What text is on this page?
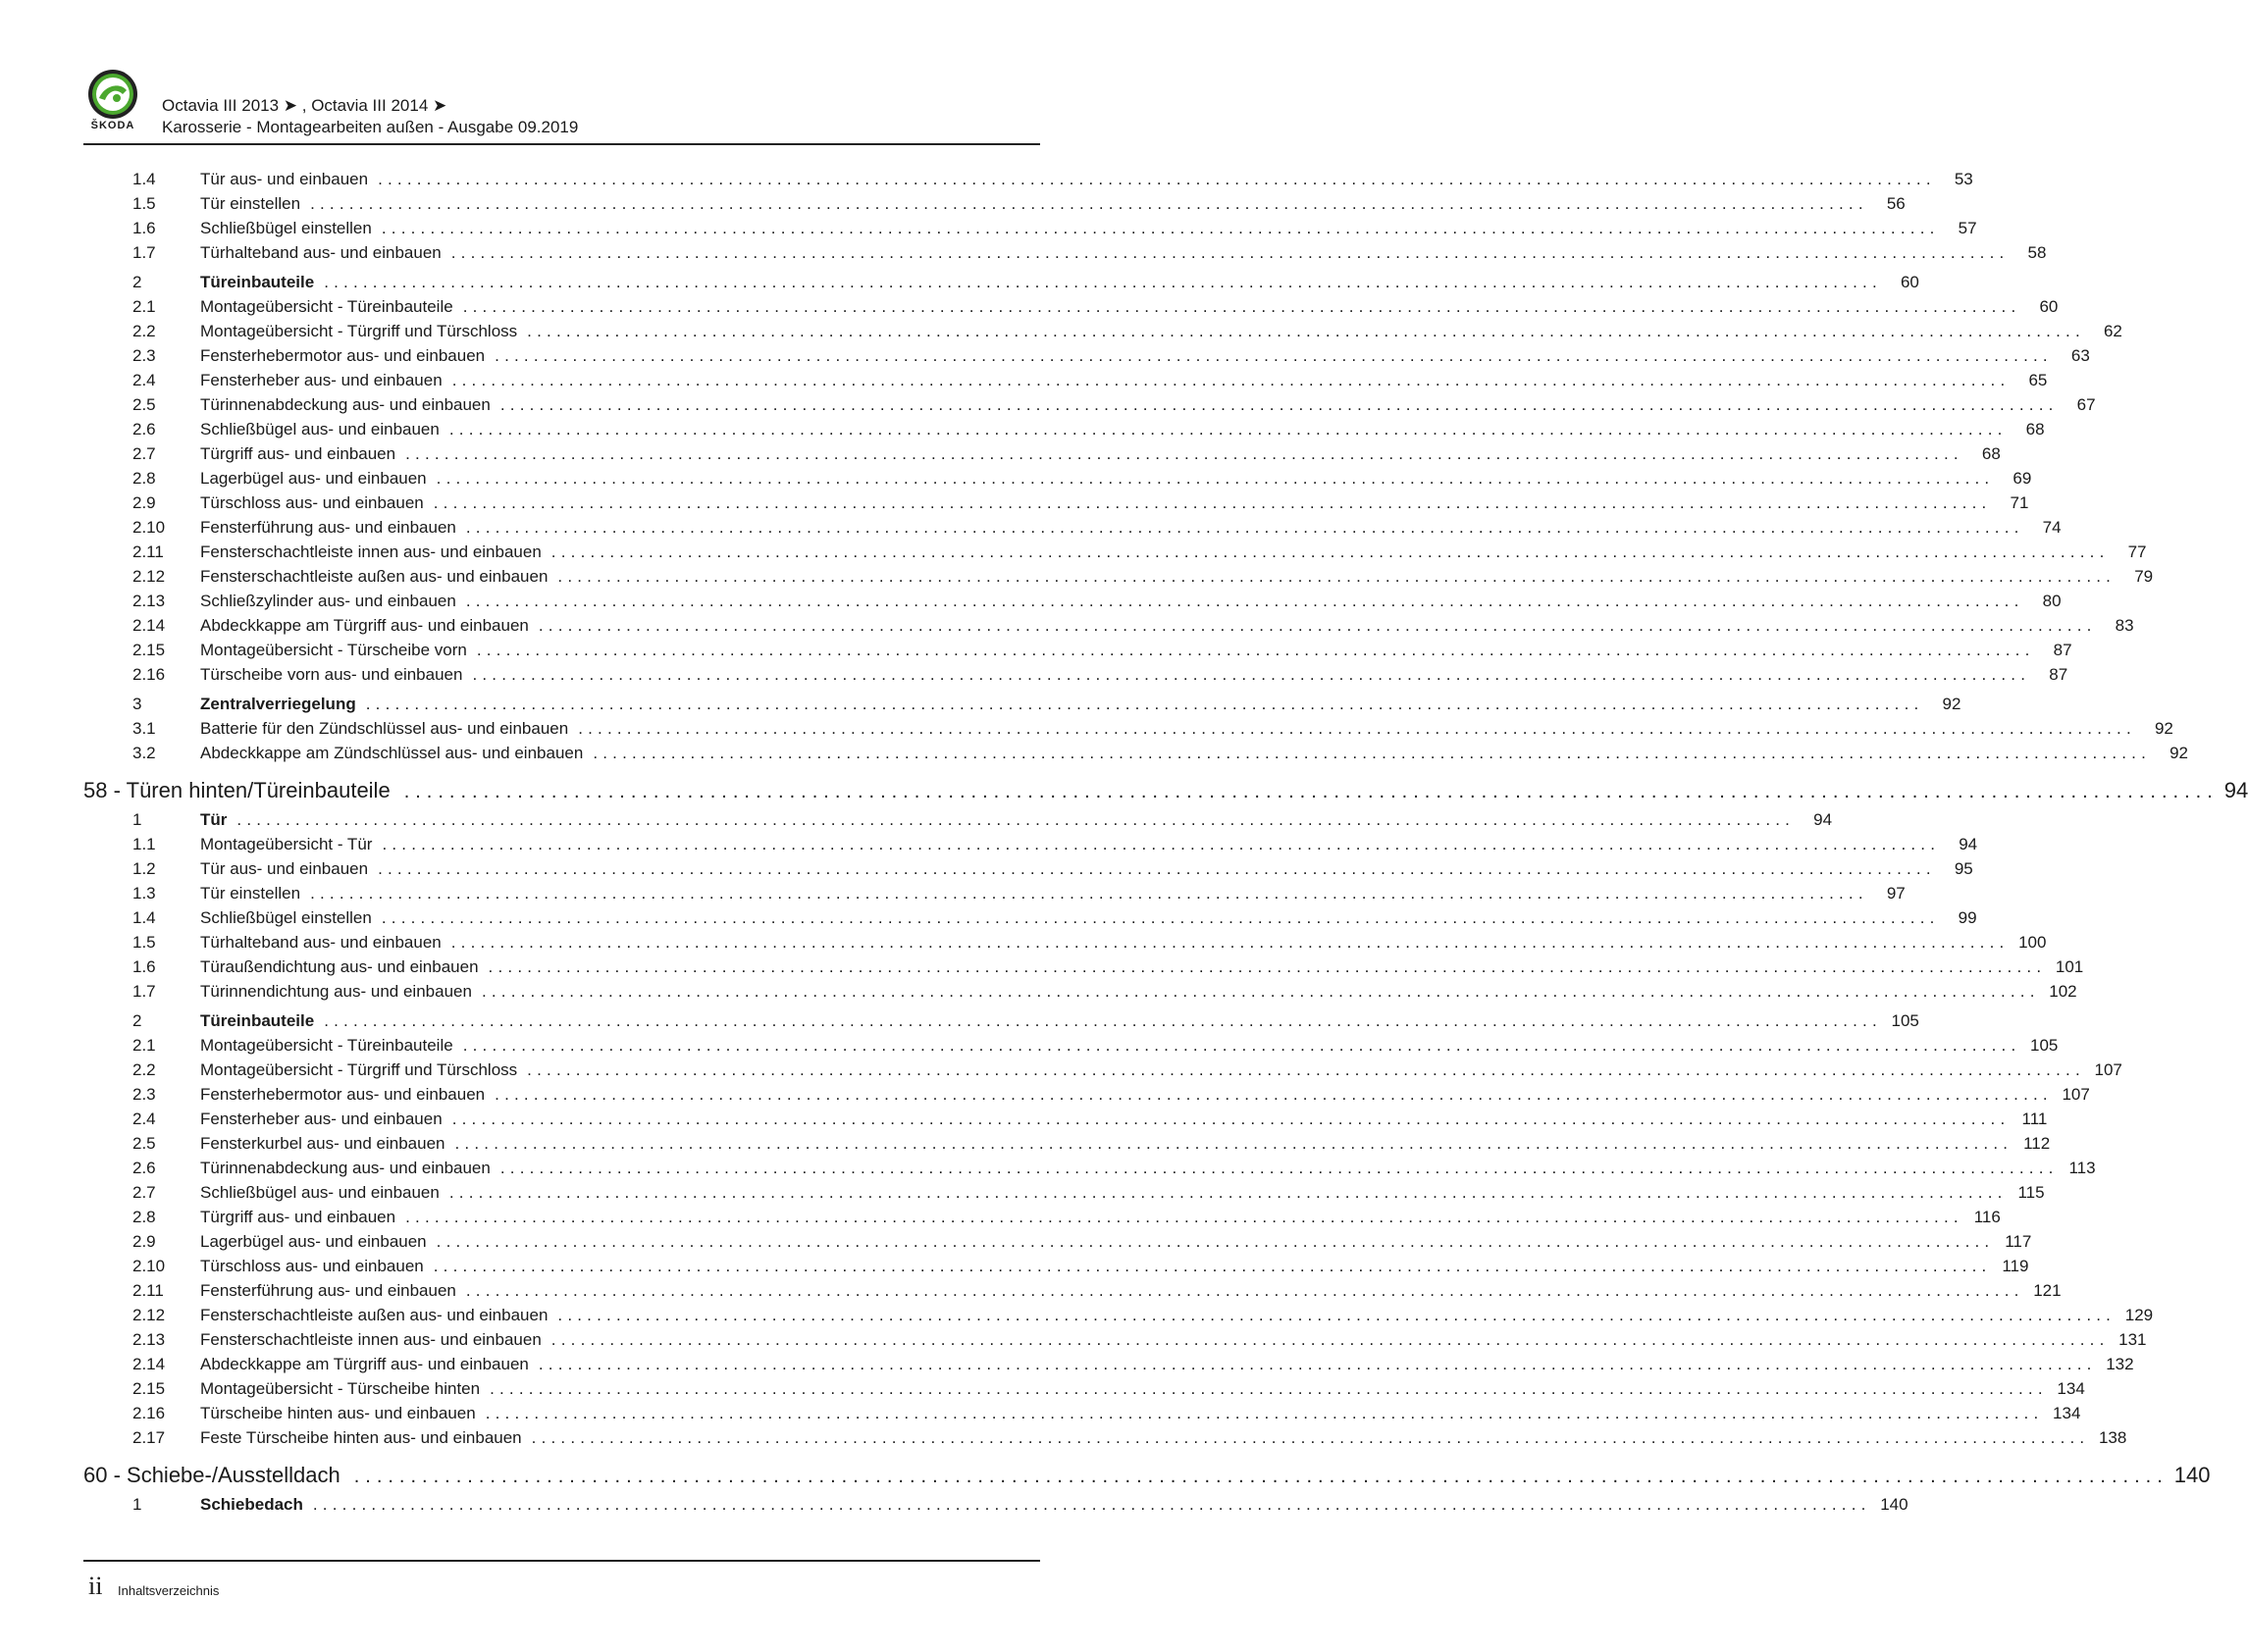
ŠKODA
Octavia III 2013 ➤ , Octavia III 2014 ➤
Karosserie - Montagearbeiten außen - Ausgabe 09.2019
1.4	Tür aus- und einbauen ................................................................................................................................................................	53
1.5	Tür einstellen ................................................................................................................................................................	56
1.6	Schließbügel einstellen ................................................................................................................................................................	57
1.7	Türhalteband aus- und einbauen ................................................................................................................................................................	58
2	Türeinbauteile ................................................................................................................................................................	60
2.1	Montageübersicht - Türeinbauteile ................................................................................................................................................................	60
2.2	Montageübersicht - Türgriff und Türschloss ................................................................................................................................................................	62
2.3	Fensterhebermotor aus- und einbauen ................................................................................................................................................................	63
2.4	Fensterheber aus- und einbauen ................................................................................................................................................................	65
2.5	Türinnenabdeckung aus- und einbauen ................................................................................................................................................................	67
2.6	Schließbügel aus- und einbauen ................................................................................................................................................................	68
2.7	Türgriff aus- und einbauen ................................................................................................................................................................	68
2.8	Lagerbügel aus- und einbauen ................................................................................................................................................................	69
2.9	Türschloss aus- und einbauen ................................................................................................................................................................	71
2.10	Fensterführung aus- und einbauen ................................................................................................................................................................	74
2.11	Fensterschachtleiste innen aus- und einbauen ................................................................................................................................................................	77
2.12	Fensterschachtleiste außen aus- und einbauen ................................................................................................................................................................	79
2.13	Schließzylinder aus- und einbauen ................................................................................................................................................................	80
2.14	Abdeckkappe am Türgriff aus- und einbauen ................................................................................................................................................................	83
2.15	Montageübersicht - Türscheibe vorn ................................................................................................................................................................	87
2.16	Türscheibe vorn aus- und einbauen ................................................................................................................................................................	87
3	Zentralverriegelung ................................................................................................................................................................	92
3.1	Batterie für den Zündschlüssel aus- und einbauen ................................................................................................................................................................	92
3.2	Abdeckkappe am Zündschlüssel aus- und einbauen ................................................................................................................................................................	92
58 - Türen hinten/Türeinbauteile ................................................................................................................................................................ 94
1	Tür ................................................................................................................................................................	94
1.1	Montageübersicht - Tür ................................................................................................................................................................	94
1.2	Tür aus- und einbauen ................................................................................................................................................................	95
1.3	Tür einstellen ................................................................................................................................................................	97
1.4	Schließbügel einstellen ................................................................................................................................................................	99
1.5	Türhalteband aus- und einbauen ................................................................................................................................................................ 100
1.6	Türaußendichtung aus- und einbauen ................................................................................................................................................................ 101
1.7	Türinnendichtung aus- und einbauen ................................................................................................................................................................ 102
2	Türeinbauteile ................................................................................................................................................................ 105
2.1	Montageübersicht - Türeinbauteile ................................................................................................................................................................ 105
2.2	Montageübersicht - Türgriff und Türschloss ................................................................................................................................................................ 107
2.3	Fensterhebermotor aus- und einbauen ................................................................................................................................................................ 107
2.4	Fensterheber aus- und einbauen ................................................................................................................................................................ 111
2.5	Fensterkurbel aus- und einbauen ................................................................................................................................................................ 112
2.6	Türinnenabdeckung aus- und einbauen ................................................................................................................................................................ 113
2.7	Schließbügel aus- und einbauen ................................................................................................................................................................ 115
2.8	Türgriff aus- und einbauen ................................................................................................................................................................ 116
2.9	Lagerbügel aus- und einbauen ................................................................................................................................................................ 117
2.10	Türschloss aus- und einbauen ................................................................................................................................................................ 119
2.11	Fensterführung aus- und einbauen ................................................................................................................................................................ 121
2.12	Fensterschachtleiste außen aus- und einbauen ................................................................................................................................................................ 129
2.13	Fensterschachtleiste innen aus- und einbauen ................................................................................................................................................................ 131
2.14	Abdeckkappe am Türgriff aus- und einbauen ................................................................................................................................................................ 132
2.15	Montageübersicht - Türscheibe hinten ................................................................................................................................................................ 134
2.16	Türscheibe hinten aus- und einbauen ................................................................................................................................................................ 134
2.17	Feste Türscheibe hinten aus- und einbauen ................................................................................................................................................................ 138
60 - Schiebe-/Ausstelldach ................................................................................................................................................................ 140
1	Schiebedach ................................................................................................................................................................ 140
ii Inhaltsverzeichnis
